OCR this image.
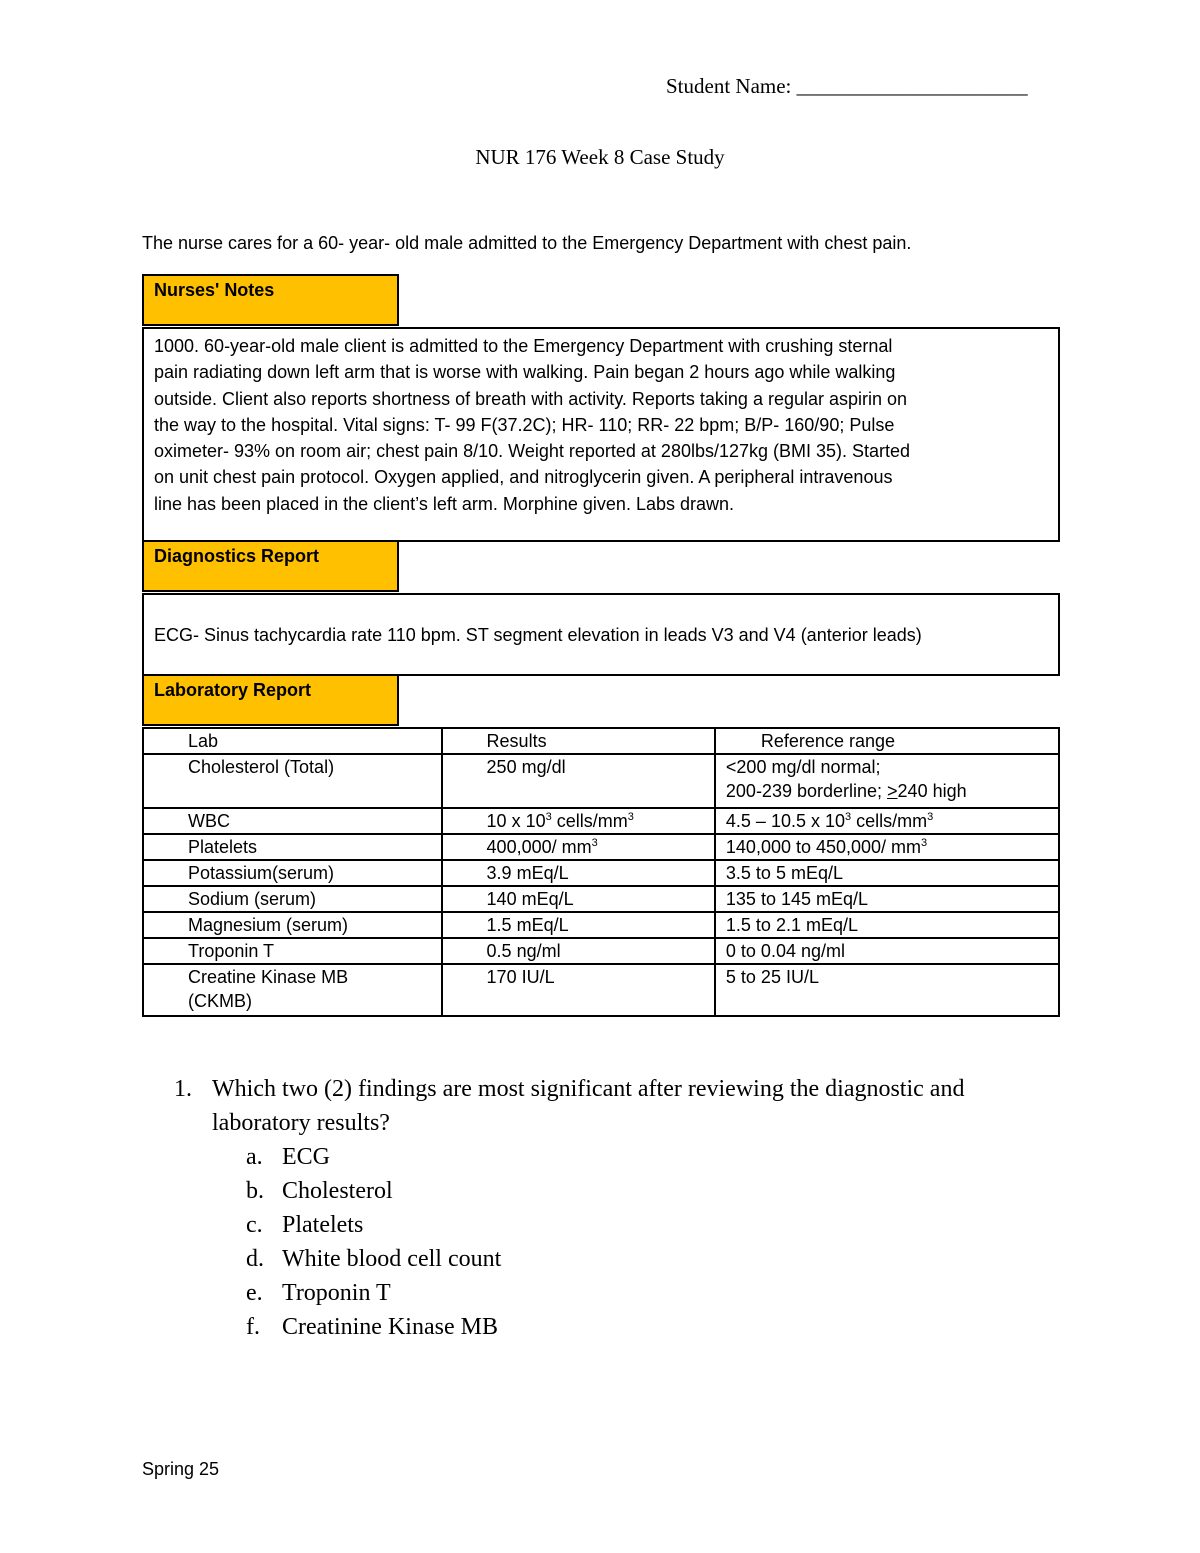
Student Name: ______________________
NUR 176 Week 8 Case Study
The nurse cares for a 60- year- old male admitted to the Emergency Department with chest pain.
Nurses' Notes
1000. 60-year-old male client is admitted to the Emergency Department with crushing sternal
pain radiating down left arm that is worse with walking. Pain began 2 hours ago while walking
outside. Client also reports shortness of breath with activity. Reports taking a regular aspirin on
the way to the hospital. Vital signs: T- 99 F(37.2C); HR- 110; RR- 22 bpm; B/P- 160/90; Pulse
oximeter- 93% on room air; chest pain 8/10. Weight reported at 280lbs/127kg (BMI 35). Started
on unit chest pain protocol. Oxygen applied, and nitroglycerin given. A peripheral intravenous
line has been placed in the client’s left arm. Morphine given. Labs drawn.
Diagnostics Report
ECG- Sinus tachycardia rate 110 bpm. ST segment elevation in leads V3 and V4 (anterior leads)
Laboratory Report
Lab	Results	Reference range
Cholesterol (Total)	250 mg/dl	<200 mg/dl normal;
200-239 borderline; >240 high
WBC	10 x $10^3$ cells/$mm^3$	4.5 – 10.5 x $10^3$ cells/$mm^3$
Platelets	400,000/ $mm^3$	140,000 to 450,000/ $mm^3$
Potassium(serum)	3.9 mEq/L	3.5 to 5 mEq/L
Sodium (serum)	140 mEq/L	135 to 145 mEq/L
Magnesium (serum)	1.5 mEq/L	1.5 to 2.1 mEq/L
Troponin T	0.5 ng/ml	0 to 0.04 ng/ml
Creatine Kinase MB
(CKMB)	170 IU/L	5 to 25 IU/L
1. Which two (2) findings are most significant after reviewing the diagnostic and laboratory results?
a. ECG
b. Cholesterol
c. Platelets
d. White blood cell count
e. Troponin T
f. Creatinine Kinase MB
Spring 25
